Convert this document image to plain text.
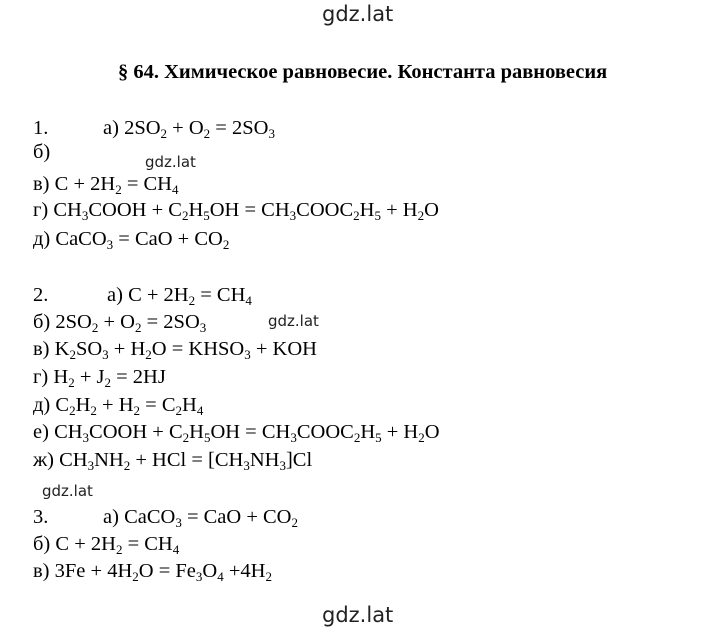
gdz.lat
§ 64. Химическое равновесие. Константа равновесия
1.	а) $2SO_2 + O_2 = 2SO_3$
б)	gdz.lat
в) $C + 2H_2 = CH_4$
г) $CH_3COOH + C_2H_5OH$ = $CH_3COOC_2H_5 + H_2O$
д) CaCO$_3$ = CaO + $CO_2$
2.	а) $C + 2H_2 = CH_4$
б) $2SO_2 + O_2 = 2SO_3$	gdz.lat
в) $K_2SO_3 + H_2O$ = $KHSO_3$ + KOH
г) $H_2 + J_2 = 2HJ$
д) $C_2H_2 + H_2 = C_2H_4$
е) $CH_3COOH + C_2H_5OH$ = $CH_3COOC_2H_5 + H_2O$
ж) $CH_3NH_2$ + HCl = $[CH_3NH_3]Cl$
gdz.lat
3.	а) CaCO$_3$ = CaO + $CO_2$
б) $C + 2H_2 = CH_4$
в) $3Fe + 4H_2O = Fe_3O_4 +4H_2$
gdz.lat
